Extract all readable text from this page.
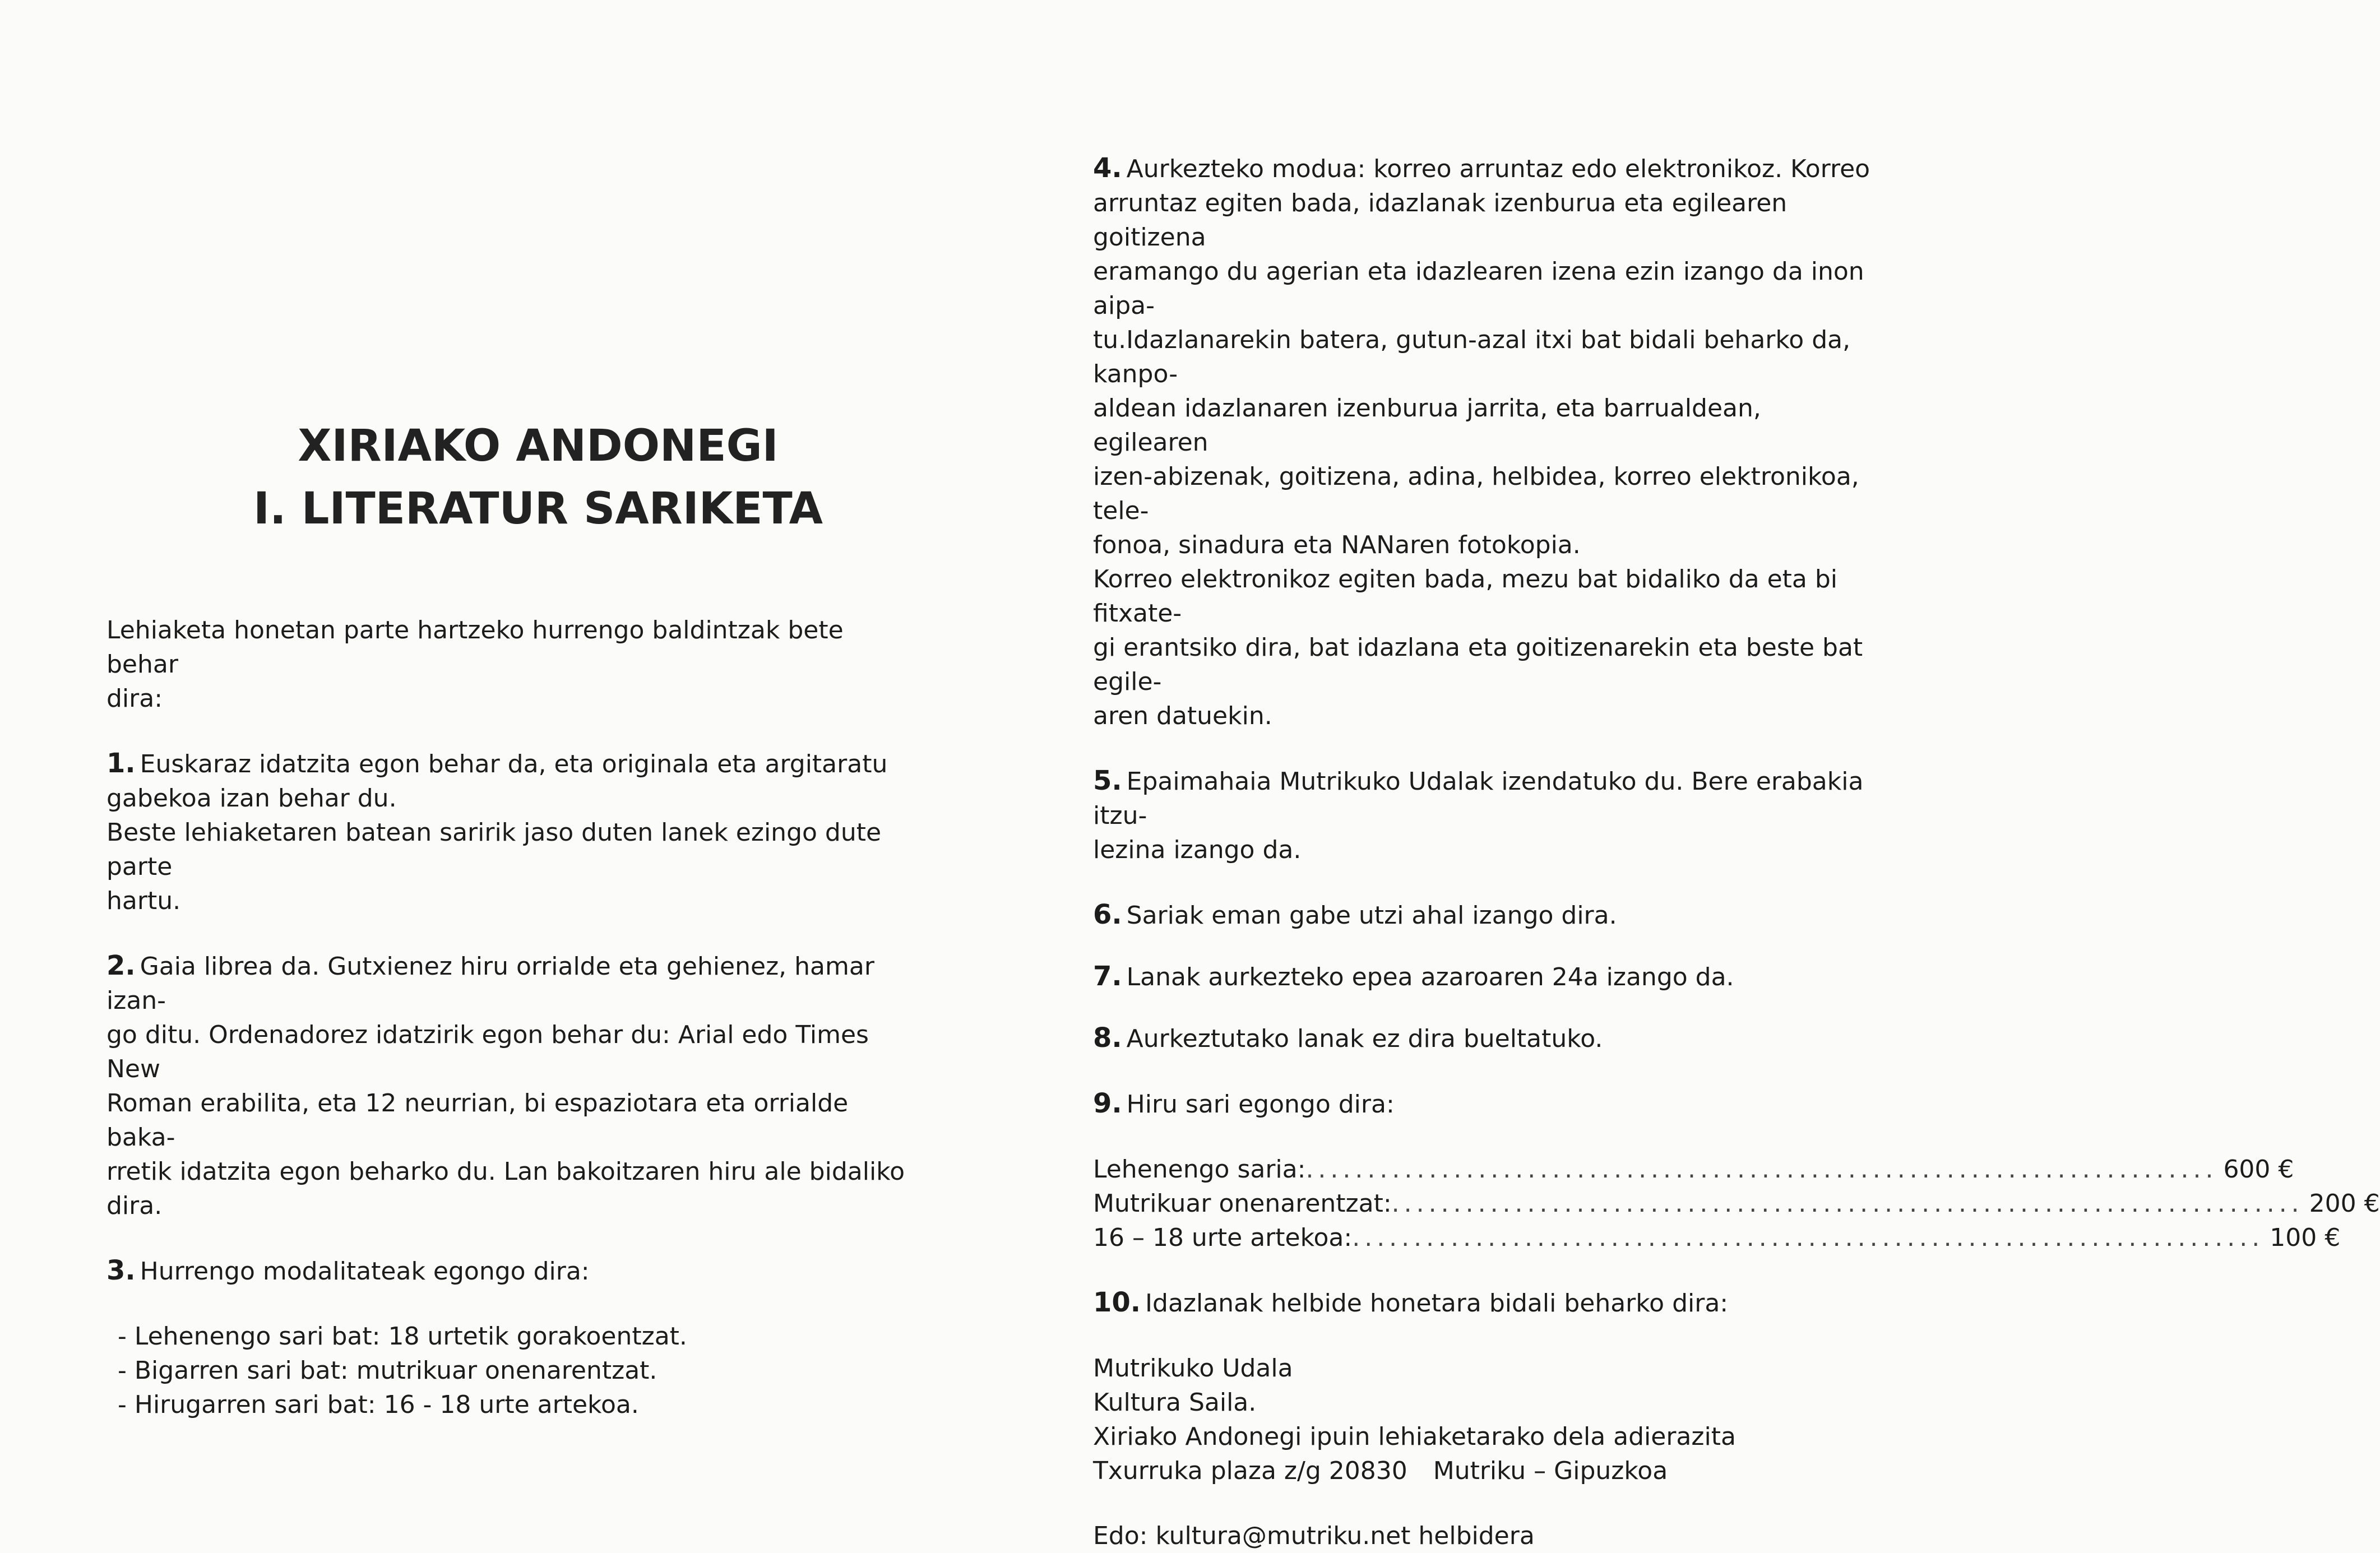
XIRIAKO ANDONEGI
I. LITERATUR SARIKETA

Lehiaketa honetan parte hartzeko hurrengo baldintzak bete behar
dira:

1. Euskaraz idatzita egon behar da, eta originala eta argitaratu
gabekoa izan behar du.
Beste lehiaketaren batean saririk jaso duten lanek ezingo dute parte
hartu.

2. Gaia librea da. Gutxienez hiru orrialde eta gehienez, hamar izan-
go ditu. Ordenadorez idatzirik egon behar du: Arial edo Times New
Roman erabilita, eta 12 neurrian, bi espaziotara eta orrialde baka-
rretik idatzita egon beharko du. Lan bakoitzaren hiru ale bidaliko
dira.

3. Hurrengo modalitateak egongo dira:

- Lehenengo sari bat: 18 urtetik gorakoentzat.
- Bigarren sari bat: mutrikuar onenarentzat.
- Hirugarren sari bat: 16 - 18 urte artekoa.

4. Aurkezteko modua: korreo arruntaz edo elektronikoz. Korreo
arruntaz egiten bada, idazlanak izenburua eta egilearen goitizena
eramango du agerian eta idazlearen izena ezin izango da inon aipa-
tu.Idazlanarekin batera, gutun-azal itxi bat bidali beharko da, kanpo-
aldean idazlanaren izenburua jarrita, eta barrualdean, egilearen
izen-abizenak, goitizena, adina, helbidea, korreo elektronikoa, tele-
fonoa, sinadura eta NANaren fotokopia.
Korreo elektronikoz egiten bada, mezu bat bidaliko da eta bi fitxate-
gi erantsiko dira, bat idazlana eta goitizenarekin eta beste bat egile-
aren datuekin.

5. Epaimahaia Mutrikuko Udalak izendatuko du. Bere erabakia itzu-
lezina izango da.

6. Sariak eman gabe utzi ahal izango dira.

7. Lanak aurkezteko epea azaroaren 24a izango da.

8. Aurkeztutako lanak ez dira bueltatuko.

9. Hiru sari egongo dira:

Lehenengo saria: .......................................................................... 600 €
Mutrikuar onenarentzat: .......................................................................... 200 €
16 – 18 urte artekoa: .......................................................................... 100 €

10. Idazlanak helbide honetara bidali beharko dira:

Mutrikuko Udala
Kultura Saila.
Xiriako Andonegi ipuin lehiaketarako dela adierazita
Txurruka plaza z/g 20830 Mutriku – Gipuzkoa

Edo: kultura@mutriku.net helbidera
